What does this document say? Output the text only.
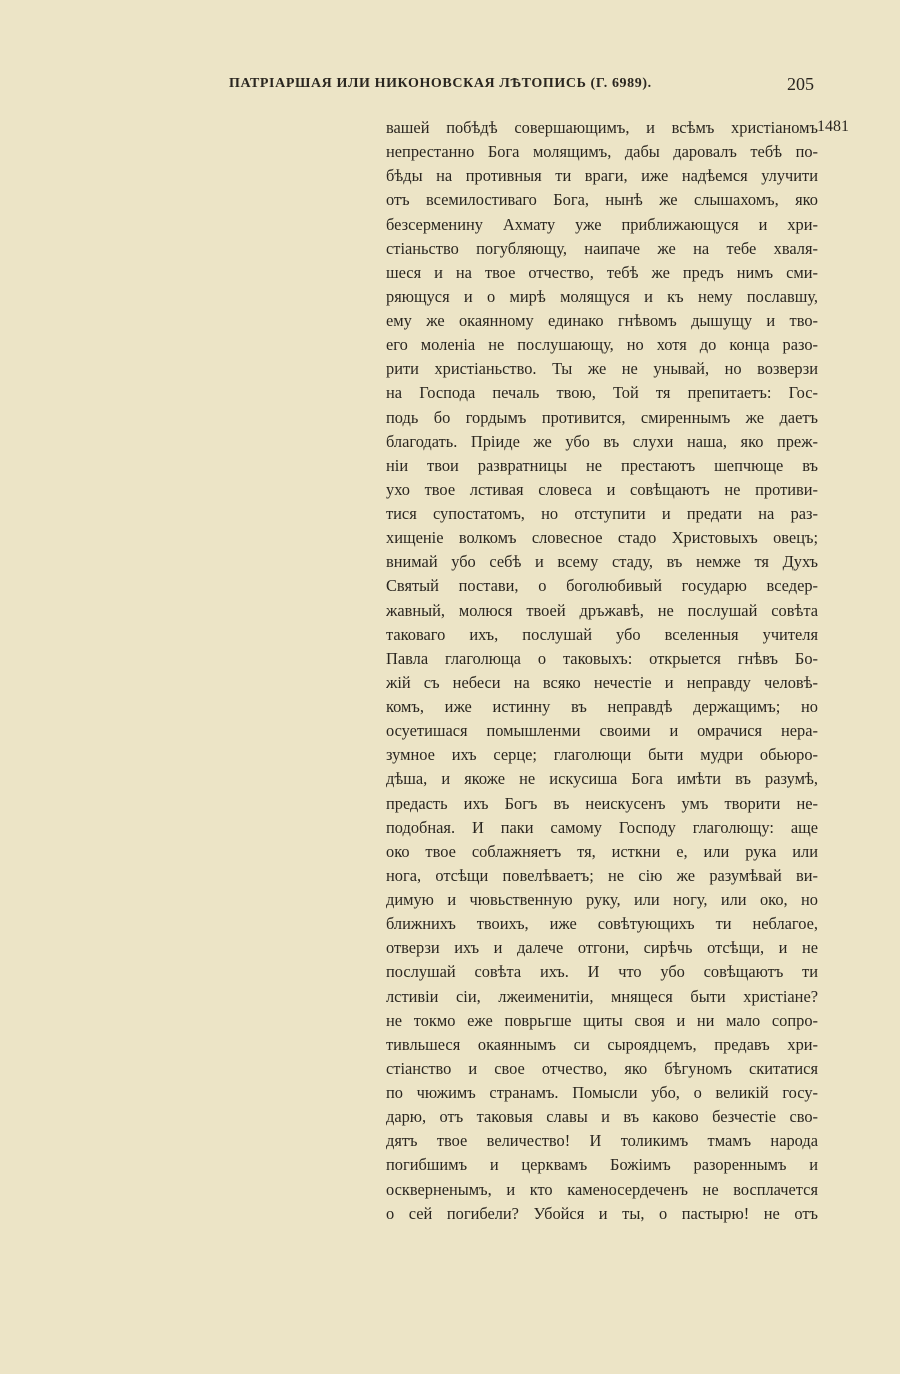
ПАТРІАРШАЯ ИЛИ НИКОНОВСКАЯ ЛѢТОПИСЬ (Г. 6989).	205
1481
вашей побѣдѣ совершающимъ, и всѣмъ христіаномъ
непрестанно Бога молящимъ, дабы даровалъ тебѣ по-
бѣды на противныя ти враги, иже надѣемся улучити
отъ всемилостиваго Бога, нынѣ же слышахомъ, яко
безсерменину Ахмату уже приближающуся и хри-
стіаньство погубляющу, наипаче же на тебе хваля-
шеся и на твое отчество, тебѣ же предъ нимъ сми-
ряющуся и о мирѣ молящуся и къ нему пославшу,
ему же окаянному единако гнѣвомъ дышущу и тво-
его моленіа не послушающу, но хотя до конца разо-
рити христіаньство. Ты же не унывай, но возверзи
на Господа печаль твою, Той тя препитаетъ: Гос-
подь бо гордымъ противится, смиреннымъ же даетъ
благодать. Пріиде же убо въ слухи наша, яко преж-
ніи твои развратницы не престаютъ шепчюще въ
ухо твое лстивая словеса и совѣщаютъ не противи-
тися супостатомъ, но отступити и предати на раз-
хищеніе волкомъ словесное стадо Христовыхъ овецъ;
внимай убо себѣ и всему стаду, въ немже тя Духъ
Святый постави, о боголюбивый государю вседер-
жавный, молюся твоей дръжавѣ, не послушай совѣта
таковаго ихъ, послушай убо вселенныя учителя
Павла глаголюща о таковыхъ: открыется гнѣвъ Бо-
жій съ небеси на всяко нечестіе и неправду человѣ-
комъ, иже истинну въ неправдѣ держащимъ; но
осуетишася помышленми своими и омрачися нера-
зумное ихъ серце; глаголющи быти мудри обьюро-
дѣша, и якоже не искусиша Бога имѣти въ разумѣ,
предасть ихъ Богъ въ неискусенъ умъ творити не-
подобная. И паки самому Господу глаголющу: аще
око твое соблажняетъ тя, исткни е, или рука или
нога, отсѣщи повелѣваетъ; не сію же разумѣвай ви-
димую и чювьственную руку, или ногу, или око, но
ближнихъ твоихъ, иже совѣтующихъ ти неблагое,
отверзи ихъ и далече отгони, сирѣчь отсѣщи, и не
послушай совѣта ихъ. И что убо совѣщаютъ ти
лстивіи сіи, лжеименитіи, мнящеся быти христіане?
не токмо еже поврьгше щиты своя и ни мало сопро-
тивльшеся окаяннымъ си сыроядцемъ, предавъ хри-
стіанство и свое отчество, яко бѣгуномъ скитатися
по чюжимъ странамъ. Помысли убо, о великій госу-
дарю, отъ таковыя славы и въ каково безчестіе сво-
дятъ твое величество! И толикимъ тмамъ народа
погибшимъ и церквамъ Божіимъ разореннымъ и
оскверненымъ, и кто каменосердеченъ не восплачется
о сей погибели? Убойся и ты, о пастырю! не отъ
